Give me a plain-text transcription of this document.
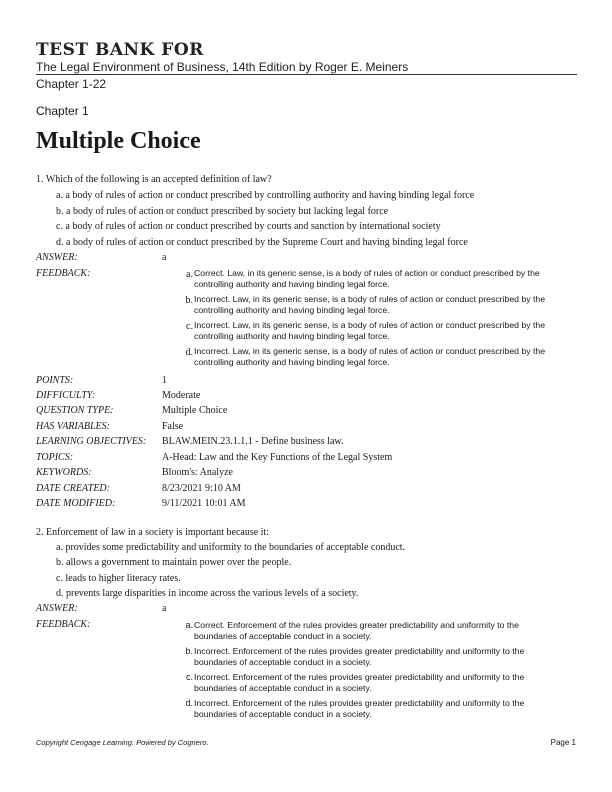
TEST BANK FOR
The Legal Environment of Business, 14th Edition by Roger E. Meiners
Chapter 1-22
Chapter 1
Multiple Choice
1. Which of the following is an accepted definition of law?
a. a body of rules of action or conduct prescribed by controlling authority and having binding legal force
b. a body of rules of action or conduct prescribed by society but lacking legal force
c. a body of rules of action or conduct prescribed by courts and sanction by international society
d. a body of rules of action or conduct prescribed by the Supreme Court and having binding legal force
ANSWER:	a
FEEDBACK:	a. Correct. Law, in its generic sense, is a body of rules of action or conduct prescribed by the controlling authority and having binding legal force.
b. Incorrect. Law, in its generic sense, is a body of rules of action or conduct prescribed by the controlling authority and having binding legal force.
c. Incorrect. Law, in its generic sense, is a body of rules of action or conduct prescribed by the controlling authority and having binding legal force.
d. Incorrect. Law, in its generic sense, is a body of rules of action or conduct prescribed by the controlling authority and having binding legal force.
POINTS:	1
DIFFICULTY:	Moderate
QUESTION TYPE:	Multiple Choice
HAS VARIABLES:	False
LEARNING OBJECTIVES: BLAW.MEIN.23.1.1.1 - Define business law.
TOPICS:	A-Head: Law and the Key Functions of the Legal System
KEYWORDS:	Bloom's: Analyze
DATE CREATED:	8/23/2021 9:10 AM
DATE MODIFIED:	9/11/2021 10:01 AM
2. Enforcement of law in a society is important because it:
a. provides some predictability and uniformity to the boundaries of acceptable conduct.
b. allows a government to maintain power over the people.
c. leads to higher literacy rates.
d. prevents large disparities in income across the various levels of a society.
ANSWER:	a
FEEDBACK:	a. Correct. Enforcement of the rules provides greater predictability and uniformity to the boundaries of acceptable conduct in a society.
b. Incorrect. Enforcement of the rules provides greater predictability and uniformity to the boundaries of acceptable conduct in a society.
c. Incorrect. Enforcement of the rules provides greater predictability and uniformity to the boundaries of acceptable conduct in a society.
d. Incorrect. Enforcement of the rules provides greater predictability and uniformity to the boundaries of acceptable conduct in a society.
Copyright Cengage Learning. Powered by Cognero.	Page 1
